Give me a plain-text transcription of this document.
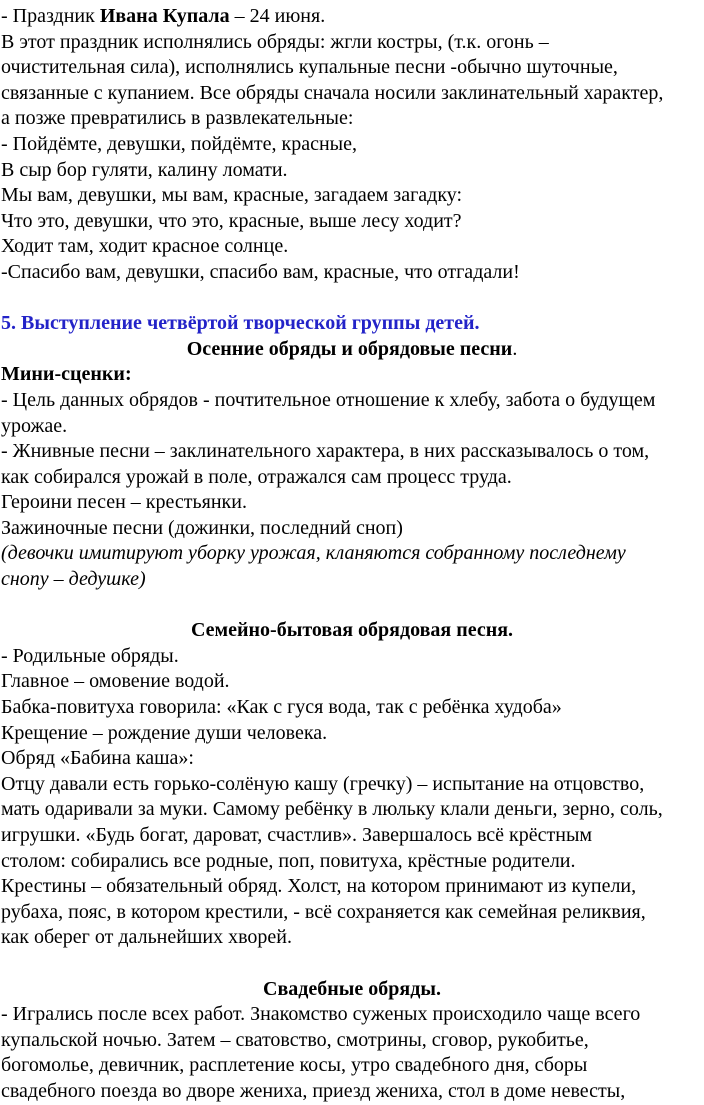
- Праздник Ивана Купала – 24 июня.
В этот праздник исполнялись обряды: жгли костры, (т.к. огонь –
очистительная сила), исполнялись купальные песни -обычно шуточные,
связанные с купанием. Все обряды сначала носили заклинательный характер,
а позже превратились в развлекательные:
- Пойдёмте, девушки, пойдёмте, красные,
В сыр бор гуляти, калину ломати.
Мы вам, девушки, мы вам, красные, загадаем загадку:
Что это, девушки, что это, красные, выше лесу ходит?
Ходит там, ходит красное солнце.
-Спасибо вам, девушки, спасибо вам, красные, что отгадали!
5. Выступление четвёртой творческой группы детей.
Осенние обряды и обрядовые песни.
Мини-сценки:
- Цель данных обрядов - почтительное отношение к хлебу, забота о будущем
урожае.
- Жнивные песни – заклинательного характера, в них рассказывалось о том,
как собирался урожай в поле, отражался сам процесс труда.
Героини песен – крестьянки.
Зажиночные песни (дожинки, последний сноп)
(девочки имитируют уборку урожая, кланяются собранному последнему
снопу – дедушке)
Семейно-бытовая обрядовая песня.
- Родильные обряды.
Главное – омовение водой.
Бабка-повитуха говорила: «Как с гуся вода, так с ребёнка худоба»
Крещение – рождение души человека.
Обряд «Бабина каша»:
Отцу давали есть горько-солёную кашу (гречку) – испытание на отцовство,
мать одаривали за муки. Самому ребёнку в люльку клали деньги, зерно, соль,
игрушки. «Будь богат, дароват, счастлив». Завершалось всё крёстным
столом: собирались все родные, поп, повитуха, крёстные родители.
Крестины – обязательный обряд. Холст, на котором принимают из купели,
рубаха, пояс, в котором крестили, - всё сохраняется как семейная реликвия,
как оберег от дальнейших хворей.
Свадебные обряды.
- Игрались после всех работ. Знакомство суженых происходило чаще всего
купальской ночью. Затем – сватовство, смотрины, сговор, рукобитье,
богомолье, девичник, расплетение косы, утро свадебного дня, сборы
свадебного поезда во дворе жениха, приезд жениха, стол в доме невесты,
